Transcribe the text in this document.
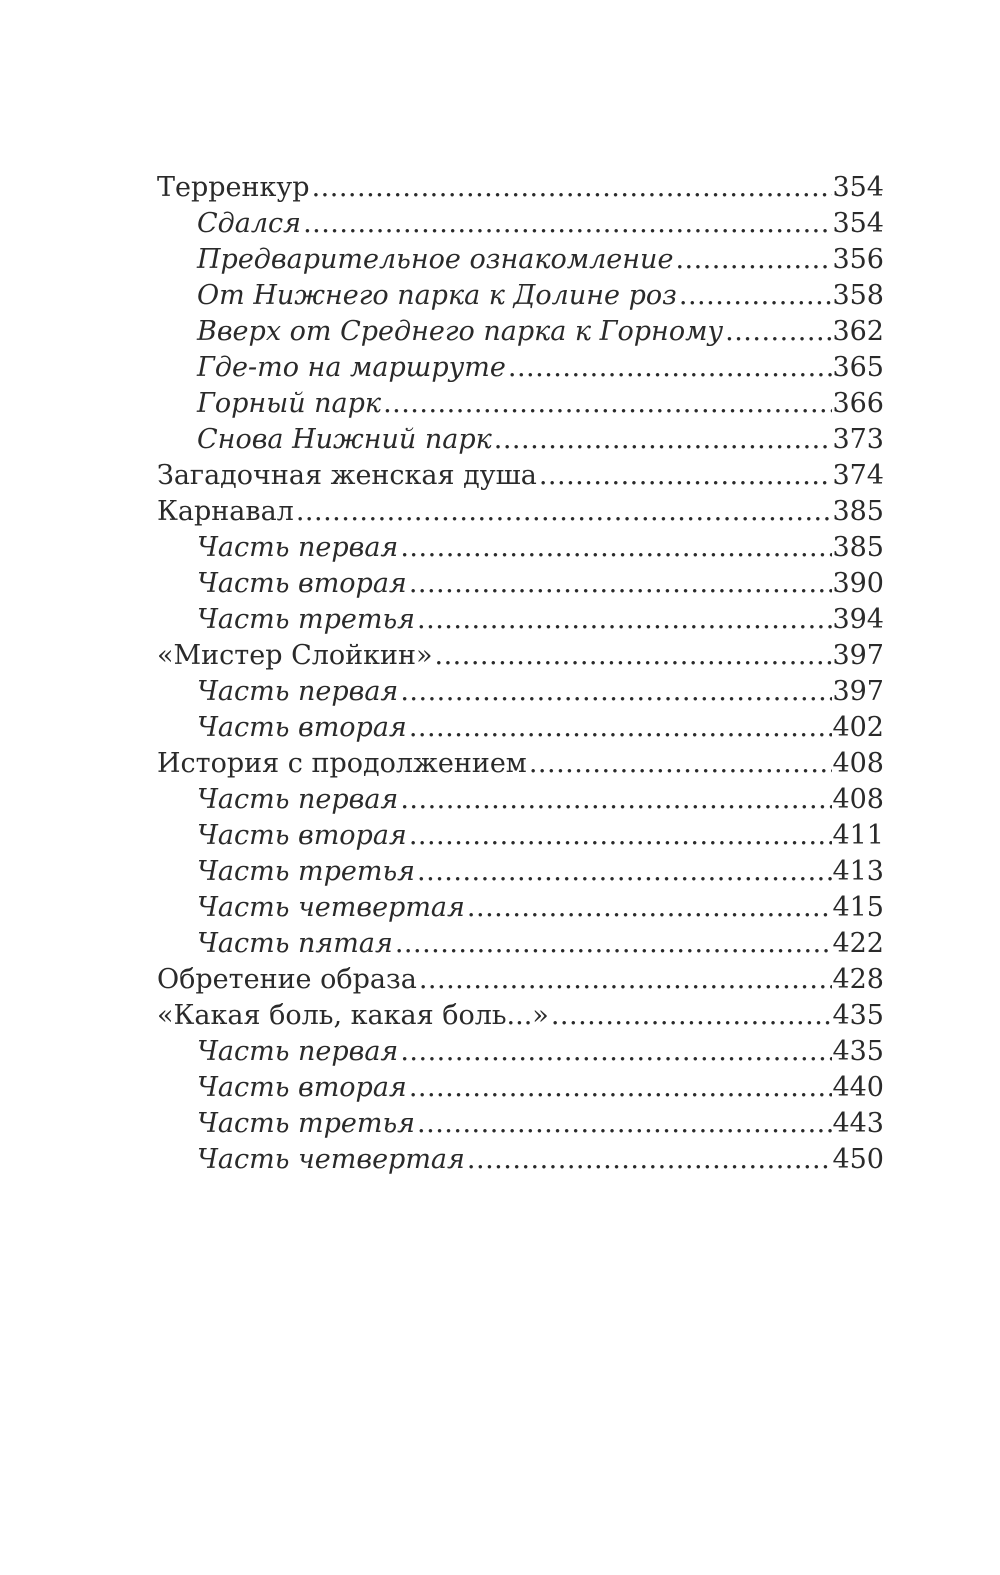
Терренкур .....	354
Сдался .....	354
Предварительное ознакомление .....	356
От Нижнего парка к Долине роз .....	358
Вверх от Среднего парка к Горному .....	362
Где-то на маршруте .....	365
Горный парк .....	366
Снова Нижний парк .....	373
Загадочная женская душа .....	374
Карнавал .....	385
Часть первая .....	385
Часть вторая .....	390
Часть третья .....	394
«Мистер Слойкин» .....	397
Часть первая .....	397
Часть вторая .....	402
История с продолжением .....	408
Часть первая .....	408
Часть вторая .....	411
Часть третья .....	413
Часть четвертая .....	415
Часть пятая .....	422
Обретение образа .....	428
«Какая боль, какая боль...» .....	435
Часть первая .....	435
Часть вторая .....	440
Часть третья .....	443
Часть четвертая .....	450
